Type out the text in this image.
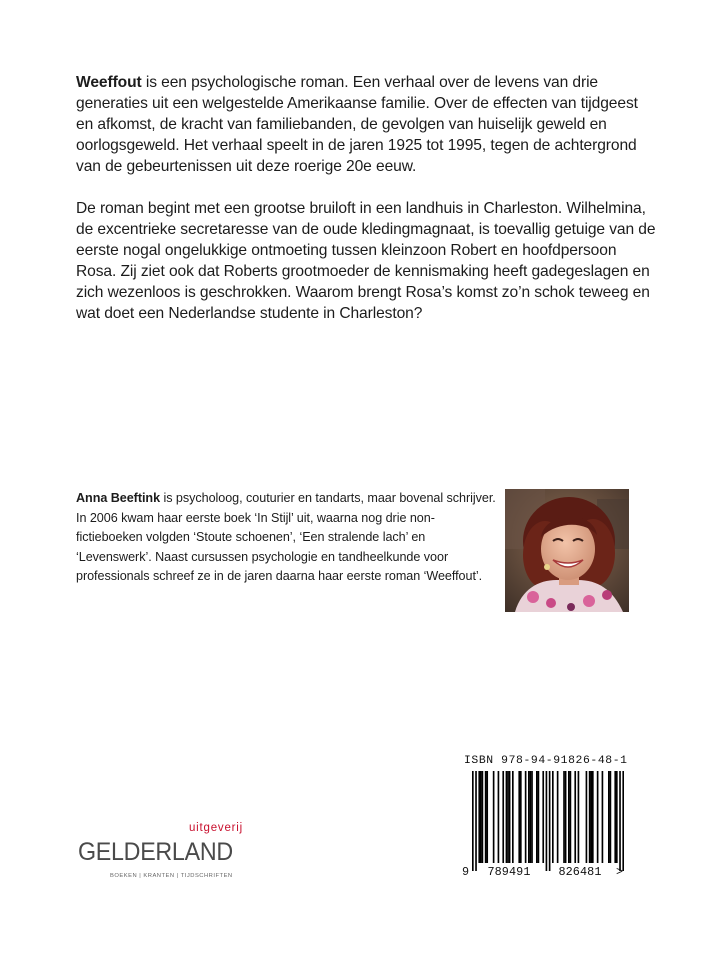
Weeffout is een psychologische roman. Een verhaal over de levens van drie generaties uit een welgestelde Amerikaanse familie. Over de effecten van tijdgeest en afkomst, de kracht van familiebanden, de gevolgen van huiselijk geweld en oorlogsgeweld. Het verhaal speelt in de jaren 1925 tot 1995, tegen de achtergrond van de gebeurtenissen uit deze roerige 20e eeuw.

De roman begint met een grootse bruiloft in een landhuis in Charleston. Wilhelmina, de excentrieke secretaresse van de oude kledingmagnaat, is toevallig getuige van de eerste nogal ongelukkige ontmoeting tussen kleinzoon Robert en hoofdpersoon Rosa. Zij ziet ook dat Roberts grootmoeder de kennismaking heeft gadegeslagen en zich wezenloos is geschrokken. Waarom brengt Rosa’s komst zo’n schok teweeg en wat doet een Nederlandse studente in Charleston?

Anna Beeftink is psycholoog, couturier en tandarts, maar bovenal schrijver. In 2006 kwam haar eerste boek ‘In Stijl’ uit, waarna nog drie non-fictieboeken volgden ‘Stoute schoenen’, ‘Een stralende lach’ en ‘Levenswerk’. Naast cursussen psychologie en tandheelkunde voor professionals schreef ze in de jaren daarna haar eerste roman ‘Weeffout’.
ISBN 978-94-91826-48-1
9 789491 826481 >
uitgeverij
GELDERLAND
BOEKEN | KRANTEN | TIJDSCHRIFTEN
